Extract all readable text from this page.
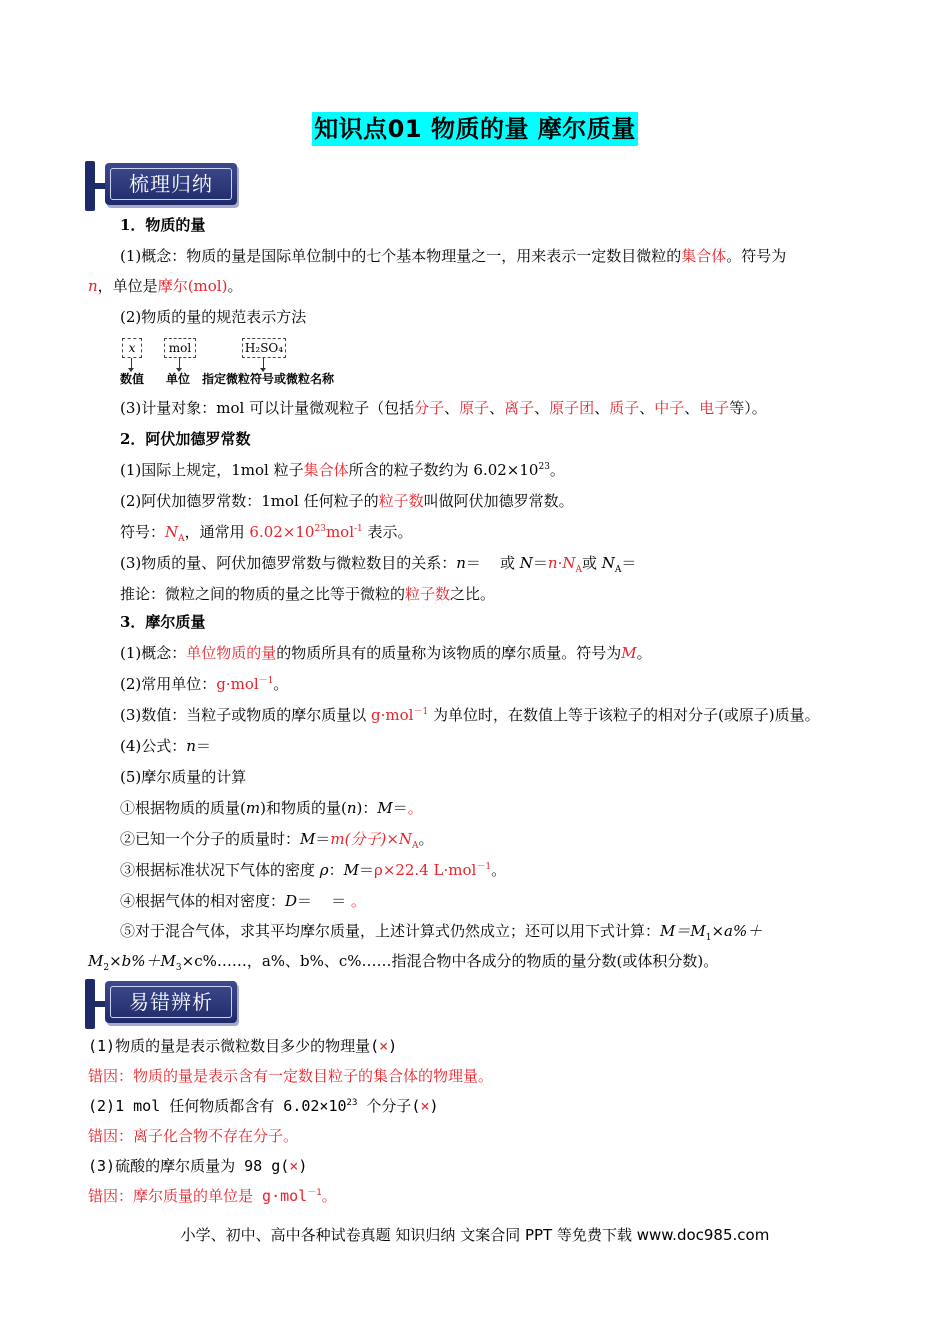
知识点01 物质的量 摩尔质量
梳理归纳
1．物质的量
(1)概念：物质的量是国际单位制中的七个基本物理量之一，用来表示一定数目微粒的集合体。符号为
n，单位是摩尔(mol)。
(2)物质的量的规范表示方法
x	mol	H₂SO₄
数值 单位 指定微粒符号或微粒名称
(3)计量对象：mol 可以计量微观粒子（包括分子、原子、离子、原子团、质子、中子、电子等）。
2．阿伏加德罗常数
(1)国际上规定，1mol 粒子集合体所含的粒子数约为 $6.02\times 10^{23}$。
(2)阿伏加德罗常数：1mol 任何粒子的粒子数叫做阿伏加德罗常数。
符号：$N_A$，通常用 $6.02\times 10^{23}mol^{-1}$ 表示。
(3)物质的量、阿伏加德罗常数与微粒数目的关系：n＝    或 $N=n\cdot N_A$或 $N_A=$
推论：微粒之间的物质的量之比等于微粒的粒子数之比。
3．摩尔质量
(1)概念：单位物质的量的物质所具有的质量称为该物质的摩尔质量。符号为M。
(2)常用单位：g·mol$^{-1}$。
(3)数值：当粒子或物质的摩尔质量以 g·mol$^{-1}$ 为单位时，在数值上等于该粒子的相对分子(或原子)质量。
(4)公式：n＝
(5)摩尔质量的计算
①根据物质的质量(m)和物质的量(n)：M＝。
②已知一个分子的质量时：M＝m(分子)$\times N_A$。
③根据标准状况下气体的密度 ρ：M＝ρ×22.4 L·mol$^{-1}$。
④根据气体的相对密度：D＝    ＝ 。
⑤对于混合气体，求其平均摩尔质量，上述计算式仍然成立；还可以用下式计算：$M=M_1\times a\%+$
$M_2\times b\%+M_3\times c\%\dots\dots$，a%、b%、c%……指混合物中各成分的物质的量分数(或体积分数)。
易错辨析
(1)物质的量是表示微粒数目多少的物理量(×)
错因：物质的量是表示含有一定数目粒子的集合体的物理量。
(2)1 mol 任何物质都含有 $6.02\times 10^{23}$ 个分子(×)
错因：离子化合物不存在分子。
(3)硫酸的摩尔质量为 98 g(×)
错因：摩尔质量的单位是 g·mol$^{-1}$。
小学、初中、高中各种试卷真题 知识归纳 文案合同 PPT 等免费下载 www.doc985.com
